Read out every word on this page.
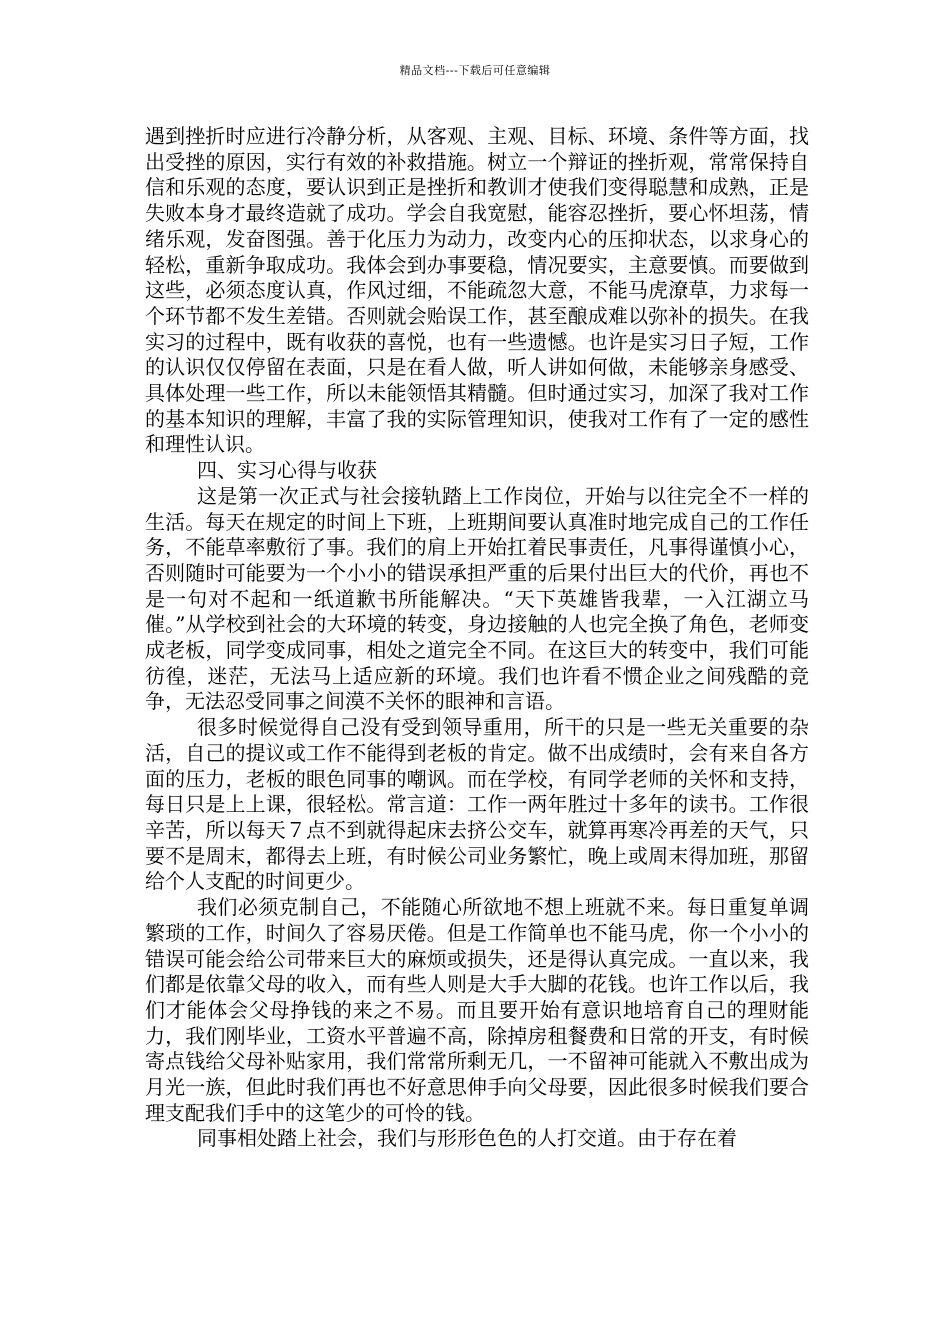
精品文档---下载后可任意编辑

遇到挫折时应进行冷静分析，从客观、主观、目标、环境、条件等方面，找出受挫的原因，实行有效的补救措施。树立一个辩证的挫折观，常常保持自信和乐观的态度，要认识到正是挫折和教训才使我们变得聪慧和成熟，正是失败本身才最终造就了成功。学会自我宽慰，能容忍挫折，要心怀坦荡，情绪乐观，发奋图强。善于化压力为动力，改变内心的压抑状态，以求身心的轻松，重新争取成功。我体会到办事要稳，情况要实，主意要慎。而要做到这些，必须态度认真，作风过细，不能疏忽大意，不能马虎潦草，力求每一个环节都不发生差错。否则就会贻误工作，甚至酿成难以弥补的损失。在我实习的过程中，既有收获的喜悦，也有一些遗憾。也许是实习日子短，工作的认识仅仅停留在表面，只是在看人做，听人讲如何做，未能够亲身感受、具体处理一些工作，所以未能领悟其精髓。但时通过实习，加深了我对工作的基本知识的理解，丰富了我的实际管理知识，使我对工作有了一定的感性和理性认识。

四、实习心得与收获

这是第一次正式与社会接轨踏上工作岗位，开始与以往完全不一样的生活。每天在规定的时间上下班，上班期间要认真准时地完成自己的工作任务，不能草率敷衍了事。我们的肩上开始扛着民事责任，凡事得谨慎小心，否则随时可能要为一个小小的错误承担严重的后果付出巨大的代价，再也不是一句对不起和一纸道歉书所能解决。“天下英雄皆我辈，一入江湖立马催。”从学校到社会的大环境的转变，身边接触的人也完全换了角色，老师变成老板，同学变成同事，相处之道完全不同。在这巨大的转变中，我们可能彷徨，迷茫，无法马上适应新的环境。我们也许看不惯企业之间残酷的竞争，无法忍受同事之间漠不关怀的眼神和言语。

很多时候觉得自己没有受到领导重用，所干的只是一些无关重要的杂活，自己的提议或工作不能得到老板的肯定。做不出成绩时，会有来自各方面的压力，老板的眼色同事的嘲讽。而在学校，有同学老师的关怀和支持，每日只是上上课，很轻松。常言道：工作一两年胜过十多年的读书。工作很辛苦，所以每天７点不到就得起床去挤公交车，就算再寒冷再差的天气，只要不是周末，都得去上班，有时候公司业务繁忙，晚上或周末得加班，那留给个人支配的时间更少。

我们必须克制自己，不能随心所欲地不想上班就不来。每日重复单调繁琐的工作，时间久了容易厌倦。但是工作简单也不能马虎，你一个小小的错误可能会给公司带来巨大的麻烦或损失，还是得认真完成。一直以来，我们都是依靠父母的收入，而有些人则是大手大脚的花钱。也许工作以后，我们才能体会父母挣钱的来之不易。而且要开始有意识地培育自己的理财能力，我们刚毕业，工资水平普遍不高，除掉房租餐费和日常的开支，有时候寄点钱给父母补贴家用，我们常常所剩无几，一不留神可能就入不敷出成为月光一族，但此时我们再也不好意思伸手向父母要，因此很多时候我们要合理支配我们手中的这笔少的可怜的钱。

同事相处踏上社会，我们与形形色色的人打交道。由于存在着
